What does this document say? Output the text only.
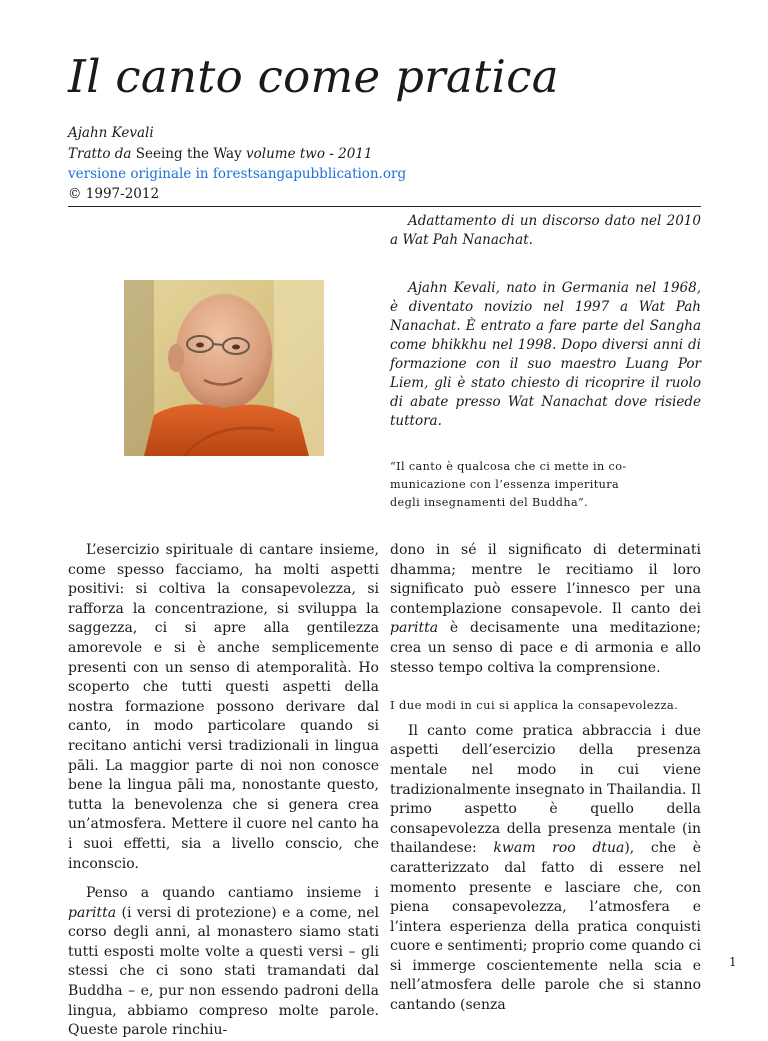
Il canto come pratica
Ajahn Kevali
Tratto da Seeing the Way volume two - 2011
versione originale in forestsangapubblication.org
© 1997-2012

Adattamento di un discorso dato nel 2010 a Wat Pah Nanachat.

Ajahn Kevali, nato in Germania nel 1968, è diventato novizio nel 1997 a Wat Pah Nanachat. È entrato a fare parte del Sangha come bhikkhu nel 1998. Dopo diversi anni di formazione con il suo maestro Luang Por Liem, gli è stato chiesto di ricoprire il ruolo di abate presso Wat Nanachat dove risiede tuttora.

“Il canto è qualcosa che ci mette in co-
municazione con l’essenza imperitura
degli insegnamenti del Buddha”.

L’esercizio spirituale di cantare insieme, come spesso facciamo, ha molti aspetti positivi: si coltiva la consapevolezza, si rafforza la concentrazione, si sviluppa la saggezza, ci si apre alla gentilezza amorevole e si è anche semplicemente presenti con un senso di atemporalità. Ho scoperto che tutti questi aspetti della nostra formazione possono derivare dal canto, in modo particolare quando si recitano antichi versi tradizionali in lingua pāli. La maggior parte di noi non conosce bene la lingua pāli ma, nonostante questo, tutta la benevolenza che si genera crea un’atmosfera. Mettere il cuore nel canto ha i suoi effetti, sia a livello conscio, che inconscio.

Penso a quando cantiamo insieme i paritta (i versi di protezione) e a come, nel corso degli anni, al monastero siamo stati tutti esposti molte volte a questi versi – gli stessi che ci sono stati tramandati dal Buddha – e, pur non essendo padroni della lingua, abbiamo compreso molte parole. Queste parole rinchiu-

dono in sé il significato di determinati dhamma; mentre le recitiamo il loro significato può essere l’innesco per una contemplazione consapevole. Il canto dei paritta è decisamente una meditazione; crea un senso di pace e di armonia e allo stesso tempo coltiva la comprensione.

I due modi in cui si applica la consapevolezza.

Il canto come pratica abbraccia i due aspetti dell’esercizio della presenza mentale nel modo in cui viene tradizionalmente insegnato in Thailandia. Il primo aspetto è quello della consapevolezza della presenza mentale (in thailandese: kwam roo dtua), che è caratterizzato dal fatto di essere nel momento presente e lasciare che, con piena consapevolezza, l’atmosfera e l’intera esperienza della pratica conquisti cuore e sentimenti; proprio come quando ci si immerge coscientemente nella scia e nell’atmosfera delle parole che si stanno cantando (senza

1
